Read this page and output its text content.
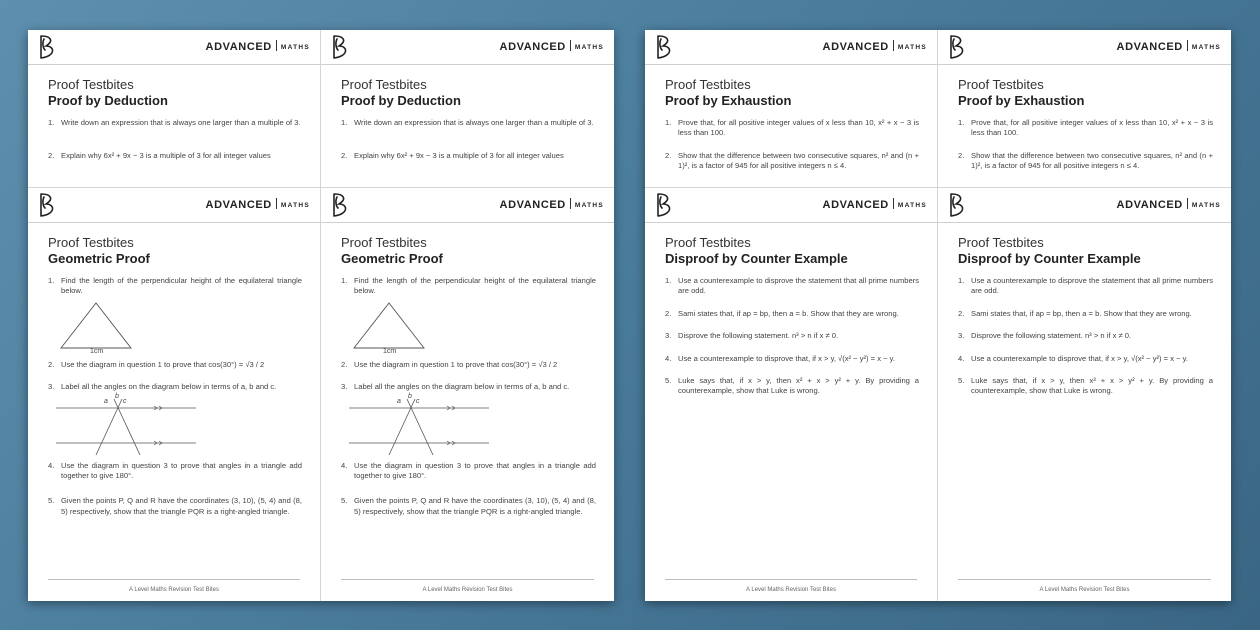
ADVANCED MATHS
Proof Testbites
Proof by Deduction
1. Write down an expression that is always one larger than a multiple of 3.
2. Explain why 6x² + 9x − 3 is a multiple of 3 for all integer values
ADVANCED MATHS
Proof Testbites
Proof by Deduction
1. Write down an expression that is always one larger than a multiple of 3.
2. Explain why 6x² + 9x − 3 is a multiple of 3 for all integer values
ADVANCED MATHS
Proof Testbites
Geometric Proof
1. Find the length of the perpendicular height of the equilateral triangle below.
1cm
2. Use the diagram in question 1 to prove that cos(30°) = √3 / 2
3. Label all the angles on the diagram below in terms of a, b and c.
a
b
c
4. Use the diagram in question 3 to prove that angles in a triangle add together to give 180°.
5. Given the points P, Q and R have the coordinates (3, 10), (5, 4) and (8, 5) respectively, show that the triangle PQR is a right-angled triangle.
A Level Maths Revision Test Bites
ADVANCED MATHS
Proof Testbites
Geometric Proof
1. Find the length of the perpendicular height of the equilateral triangle below.
1cm
2. Use the diagram in question 1 to prove that cos(30°) = √3 / 2
3. Label all the angles on the diagram below in terms of a, b and c.
a
b
c
4. Use the diagram in question 3 to prove that angles in a triangle add together to give 180°.
5. Given the points P, Q and R have the coordinates (3, 10), (5, 4) and (8, 5) respectively, show that the triangle PQR is a right-angled triangle.
A Level Maths Revision Test Bites
ADVANCED MATHS
Proof Testbites
Proof by Exhaustion
1. Prove that, for all positive integer values of x less than 10, x² + x − 3 is less than 100.
2. Show that the difference between two consecutive squares, n² and (n + 1)², is a factor of 945 for all positive integers n ≤ 4.
ADVANCED MATHS
Proof Testbites
Proof by Exhaustion
1. Prove that, for all positive integer values of x less than 10, x² + x − 3 is less than 100.
2. Show that the difference between two consecutive squares, n² and (n + 1)², is a factor of 945 for all positive integers n ≤ 4.
ADVANCED MATHS
Proof Testbites
Disproof by Counter Example
1. Use a counterexample to disprove the statement that all prime numbers are odd.
2. Sami states that, if ap = bp, then a = b. Show that they are wrong.
3. Disprove the following statement. n³ > n if x ≠ 0.
4. Use a counterexample to disprove that, if x > y, √(x² − y²) = x − y.
5. Luke says that, if x > y, then x² + x > y² + y. By providing a counterexample, show that Luke is wrong.
A Level Maths Revision Test Bites
ADVANCED MATHS
Proof Testbites
Disproof by Counter Example
1. Use a counterexample to disprove the statement that all prime numbers are odd.
2. Sami states that, if ap = bp, then a = b. Show that they are wrong.
3. Disprove the following statement. n³ > n if x ≠ 0.
4. Use a counterexample to disprove that, if x > y, √(x² − y²) = x − y.
5. Luke says that, if x > y, then x² + x > y² + y. By providing a counterexample, show that Luke is wrong.
A Level Maths Revision Test Bites
